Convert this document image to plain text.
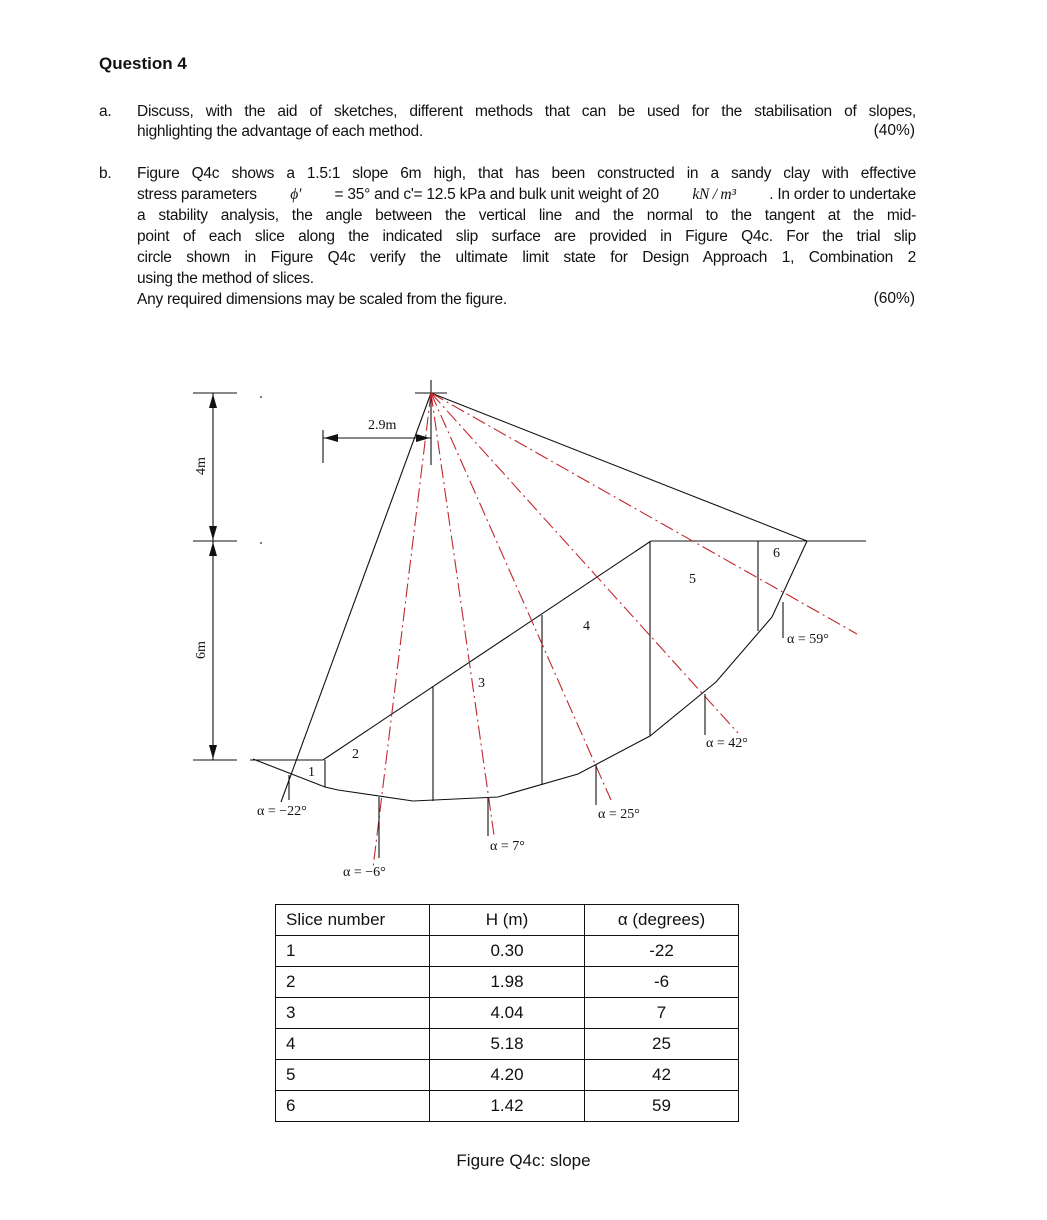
Question 4
a. Discuss, with the aid of sketches, different methods that can be used for the stabilisation of slopes,
highlighting the advantage of each method.	(40%)
b. Figure Q4c shows a 1.5:1 slope 6m high, that has been constructed in a sandy clay with effective
stress parameters ϕ' = 35° and c'= 12.5 kPa and bulk unit weight of 20 kN / m³ . In order to undertake
a stability analysis, the angle between the vertical line and the normal to the tangent at the mid-
point of each slice along the indicated slip surface are provided in Figure Q4c. For the trial slip
circle shown in Figure Q4c verify the ultimate limit state for Design Approach 1, Combination 2
using the method of slices.
Any required dimensions may be scaled from the figure.	(60%)
2.9m
4m
6m
1
2
3
4
5
6
α = −22°
α = −6°
α = 7°
α = 25°
α = 42°
α = 59°
Slice number	H (m)	α (degrees)
1	0.30	-22
2	1.98	-6
3	4.04	7
4	5.18	25
5	4.20	42
6	1.42	59
Figure Q4c: slope
